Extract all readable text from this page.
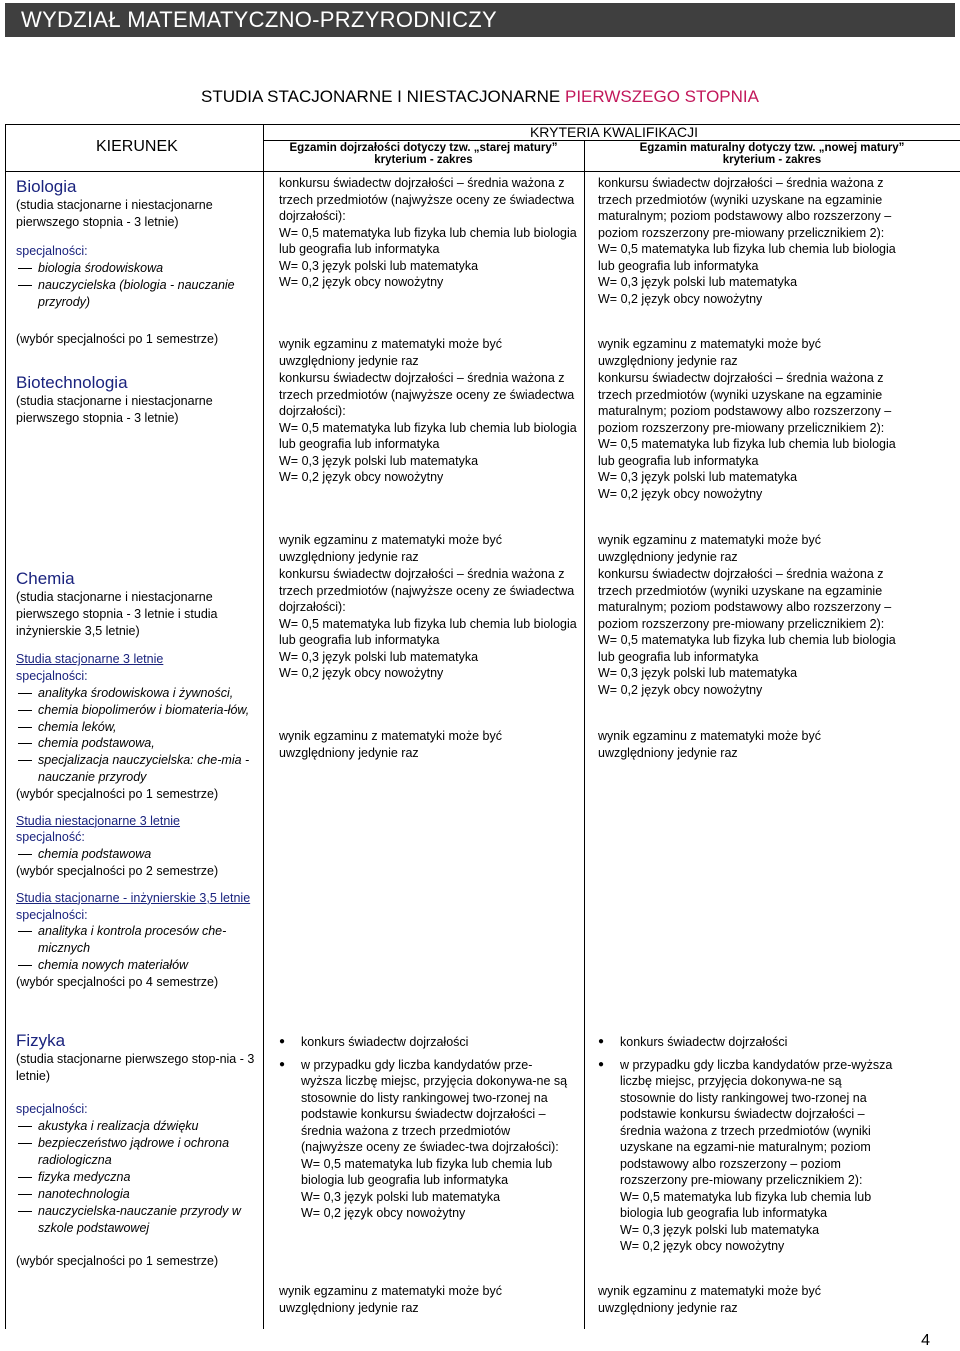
WYDZIAŁ MATEMATYCZNO-PRZYRODNICZY
STUDIA STACJONARNE I NIESTACJONARNE PIERWSZEGO STOPNIA
KIERUNEK
KRYTERIA KWALIFIKACJI
Egzamin dojrzałości dotyczy tzw. „starej matury”
kryterium - zakres
Egzamin maturalny dotyczy tzw. „nowej matury”
kryterium - zakres
Biologia
(studia stacjonarne i niestacjonarne pierwszego stopnia - 3 letnie)
specjalności:
biologia środowiskowa
nauczycielska (biologia - nauczanie przyrody)
(wybór specjalności po 1 semestrze)
konkursu świadectw dojrzałości – średnia ważona z trzech przedmiotów (najwyższe oceny ze świadectwa dojrzałości):
W= 0,5 matematyka lub fizyka lub chemia lub biologia lub geografia lub informatyka
W= 0,3 język polski lub matematyka
W= 0,2 język obcy nowożytny
wynik egzaminu z matematyki może być uwzględniony jedynie raz
konkursu świadectw dojrzałości – średnia ważona z trzech przedmiotów (wyniki uzyskane na egzaminie maturalnym; poziom podstawowy albo rozszerzony – poziom rozszerzony pre-miowany przelicznikiem 2):
W= 0,5 matematyka lub fizyka lub chemia lub biologia lub geografia lub informatyka
W= 0,3 język polski lub matematyka
W= 0,2 język obcy nowożytny
wynik egzaminu z matematyki może być uwzględniony jedynie raz
Biotechnologia
(studia stacjonarne i niestacjonarne pierwszego stopnia - 3 letnie)
konkursu świadectw dojrzałości – średnia ważona z trzech przedmiotów (najwyższe oceny ze świadectwa dojrzałości):
W= 0,5 matematyka lub fizyka lub chemia lub biologia lub geografia lub informatyka
W= 0,3 język polski lub matematyka
W= 0,2 język obcy nowożytny
wynik egzaminu z matematyki może być uwzględniony jedynie raz
konkursu świadectw dojrzałości – średnia ważona z trzech przedmiotów (wyniki uzyskane na egzaminie maturalnym; poziom podstawowy albo rozszerzony – poziom rozszerzony pre-miowany przelicznikiem 2):
W= 0,5 matematyka lub fizyka lub chemia lub biologia lub geografia lub informatyka
W= 0,3 język polski lub matematyka
W= 0,2 język obcy nowożytny
wynik egzaminu z matematyki może być uwzględniony jedynie raz
Chemia
(studia stacjonarne i niestacjonarne pierwszego stopnia - 3 letnie i studia inżynierskie 3,5 letnie)
Studia stacjonarne 3 letnie
specjalności:
analityka środowiskowa i żywności,
chemia biopolimerów i biomateria-łów,
chemia leków,
chemia podstawowa,
specjalizacja nauczycielska: che-mia - nauczanie przyrody
(wybór specjalności po 1 semestrze)
Studia niestacjonarne 3 letnie
specjalność:
chemia podstawowa
(wybór specjalności po 2 semestrze)
Studia stacjonarne - inżynierskie 3,5 letnie
specjalności:
analityka i kontrola procesów che-micznych
chemia nowych materiałów
(wybór specjalności po 4 semestrze)
konkursu świadectw dojrzałości – średnia ważona z trzech przedmiotów (najwyższe oceny ze świadectwa dojrzałości):
W= 0,5 matematyka lub fizyka lub chemia lub biologia lub geografia lub informatyka
W= 0,3 język polski lub matematyka
W= 0,2 język obcy nowożytny
wynik egzaminu z matematyki może być uwzględniony jedynie raz
konkursu świadectw dojrzałości – średnia ważona z trzech przedmiotów (wyniki uzyskane na egzaminie maturalnym; poziom podstawowy albo rozszerzony – poziom rozszerzony pre-miowany przelicznikiem 2):
W= 0,5 matematyka lub fizyka lub chemia lub biologia lub geografia lub informatyka
W= 0,3 język polski lub matematyka
W= 0,2 język obcy nowożytny
wynik egzaminu z matematyki może być uwzględniony jedynie raz
Fizyka
(studia stacjonarne pierwszego stop-nia - 3 letnie)
specjalności:
akustyka i realizacja dźwięku
bezpieczeństwo jądrowe i ochrona radiologiczna
fizyka medyczna
nanotechnologia
nauczycielska-nauczanie przyrody w szkole podstawowej
(wybór specjalności po 1 semestrze)
● konkurs świadectw dojrzałości
● w przypadku gdy liczba kandydatów prze-wyższa liczbę miejsc, przyjęcia dokonywa-ne są stosownie do listy rankingowej two-rzonej na podstawie konkursu świadectw dojrzałości – średnia ważona z trzech przedmiotów (najwyższe oceny ze świadec-twa dojrzałości):
W= 0,5 matematyka lub fizyka lub chemia lub biologia lub geografia lub informatyka
W= 0,3 język polski lub matematyka
W= 0,2 język obcy nowożytny
wynik egzaminu z matematyki może być uwzględniony jedynie raz
● konkurs świadectw dojrzałości
● w przypadku gdy liczba kandydatów prze-wyższa liczbę miejsc, przyjęcia dokonywa-ne są stosownie do listy rankingowej two-rzonej na podstawie konkursu świadectw dojrzałości – średnia ważona z trzech przedmiotów (wyniki uzyskane na egzami-nie maturalnym; poziom podstawowy albo rozszerzony – poziom rozszerzony pre-miowany przelicznikiem 2):
W= 0,5 matematyka lub fizyka lub chemia lub biologia lub geografia lub informatyka
W= 0,3 język polski lub matematyka
W= 0,2 język obcy nowożytny
wynik egzaminu z matematyki może być uwzględniony jedynie raz
4
